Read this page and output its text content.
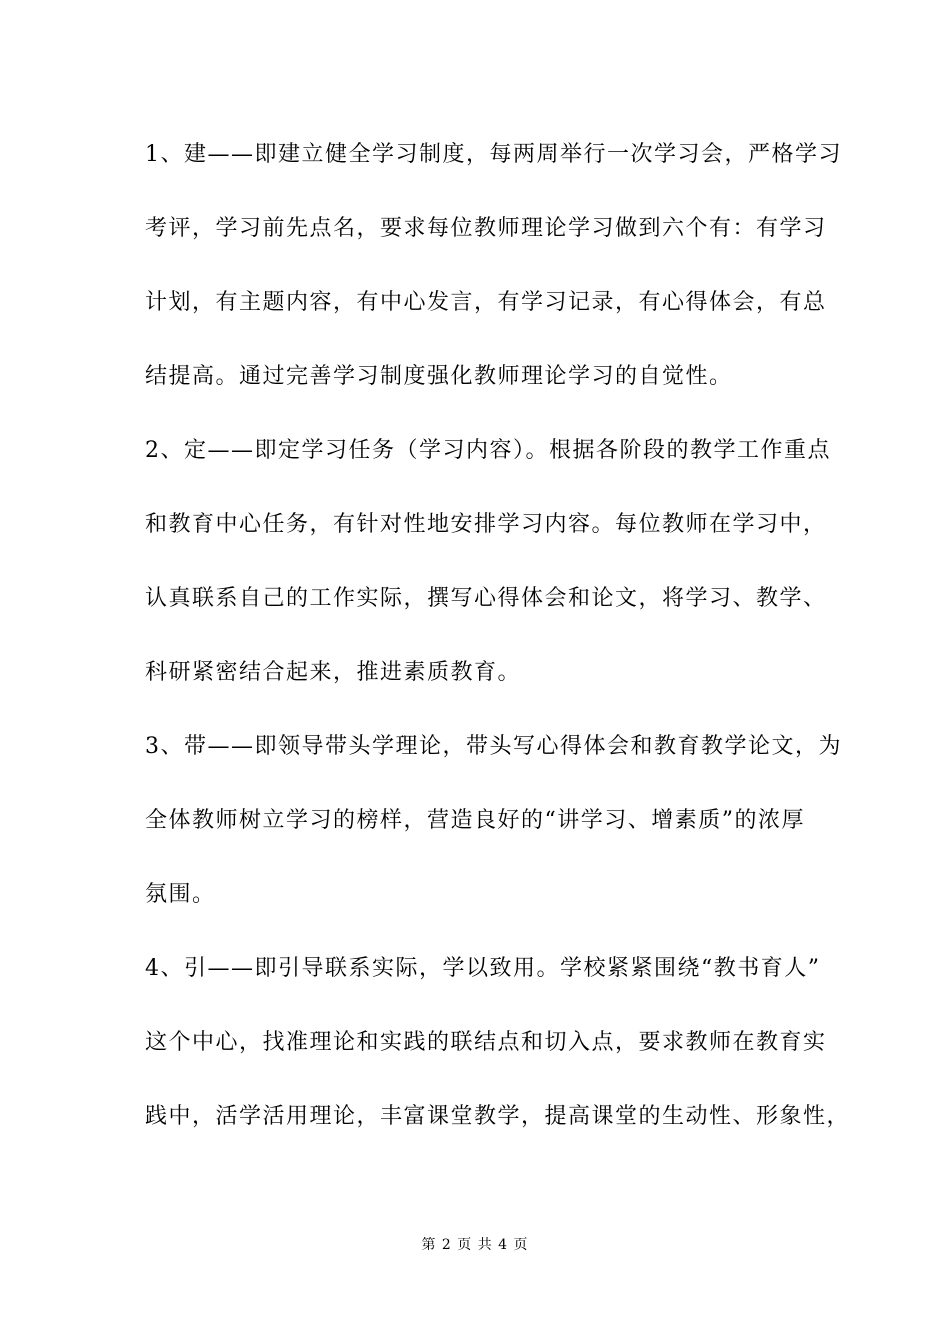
1、建——即建立健全学习制度，每两周举行一次学习会，严格学习
考评，学习前先点名，要求每位教师理论学习做到六个有：有学习
计划，有主题内容，有中心发言，有学习记录，有心得体会，有总
结提高。通过完善学习制度强化教师理论学习的自觉性。
2、定——即定学习任务（学习内容）。根据各阶段的教学工作重点
和教育中心任务，有针对性地安排学习内容。每位教师在学习中，
认真联系自己的工作实际，撰写心得体会和论文，将学习、教学、
科研紧密结合起来，推进素质教育。
3、带——即领导带头学理论，带头写心得体会和教育教学论文，为
全体教师树立学习的榜样，营造良好的“讲学习、增素质”的浓厚
氛围。
4、引——即引导联系实际，学以致用。学校紧紧围绕“教书育人”
这个中心，找准理论和实践的联结点和切入点，要求教师在教育实
践中，活学活用理论，丰富课堂教学，提高课堂的生动性、形象性，
第 2 页 共 4 页
